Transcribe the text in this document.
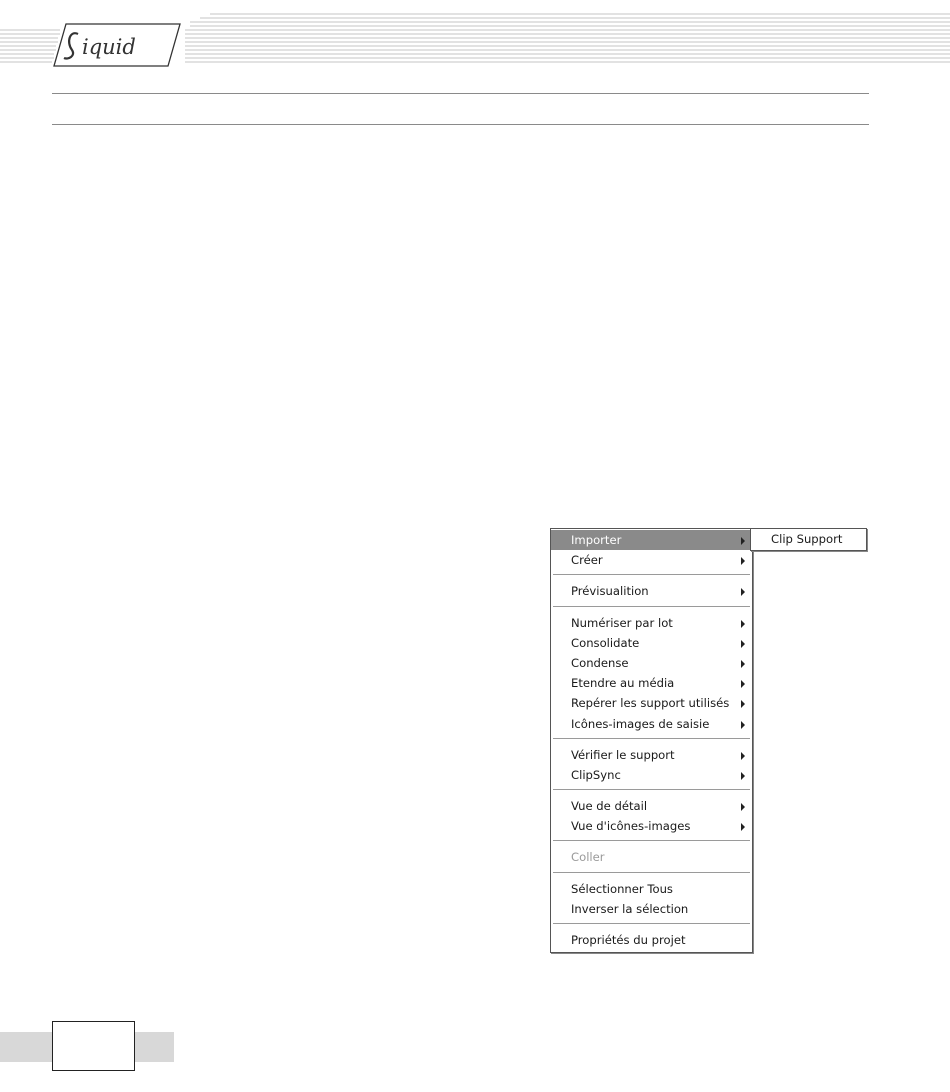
iquid
Importer
Créer
Prévisualition
Numériser par lot
Consolidate
Condense
Etendre au média
Repérer les support utilisés
Icônes-images de saisie
Vérifier le support
ClipSync
Vue de détail
Vue d'icônes-images
Coller
Sélectionner Tous
Inverser la sélection
Propriétés du projet
Clip Support
